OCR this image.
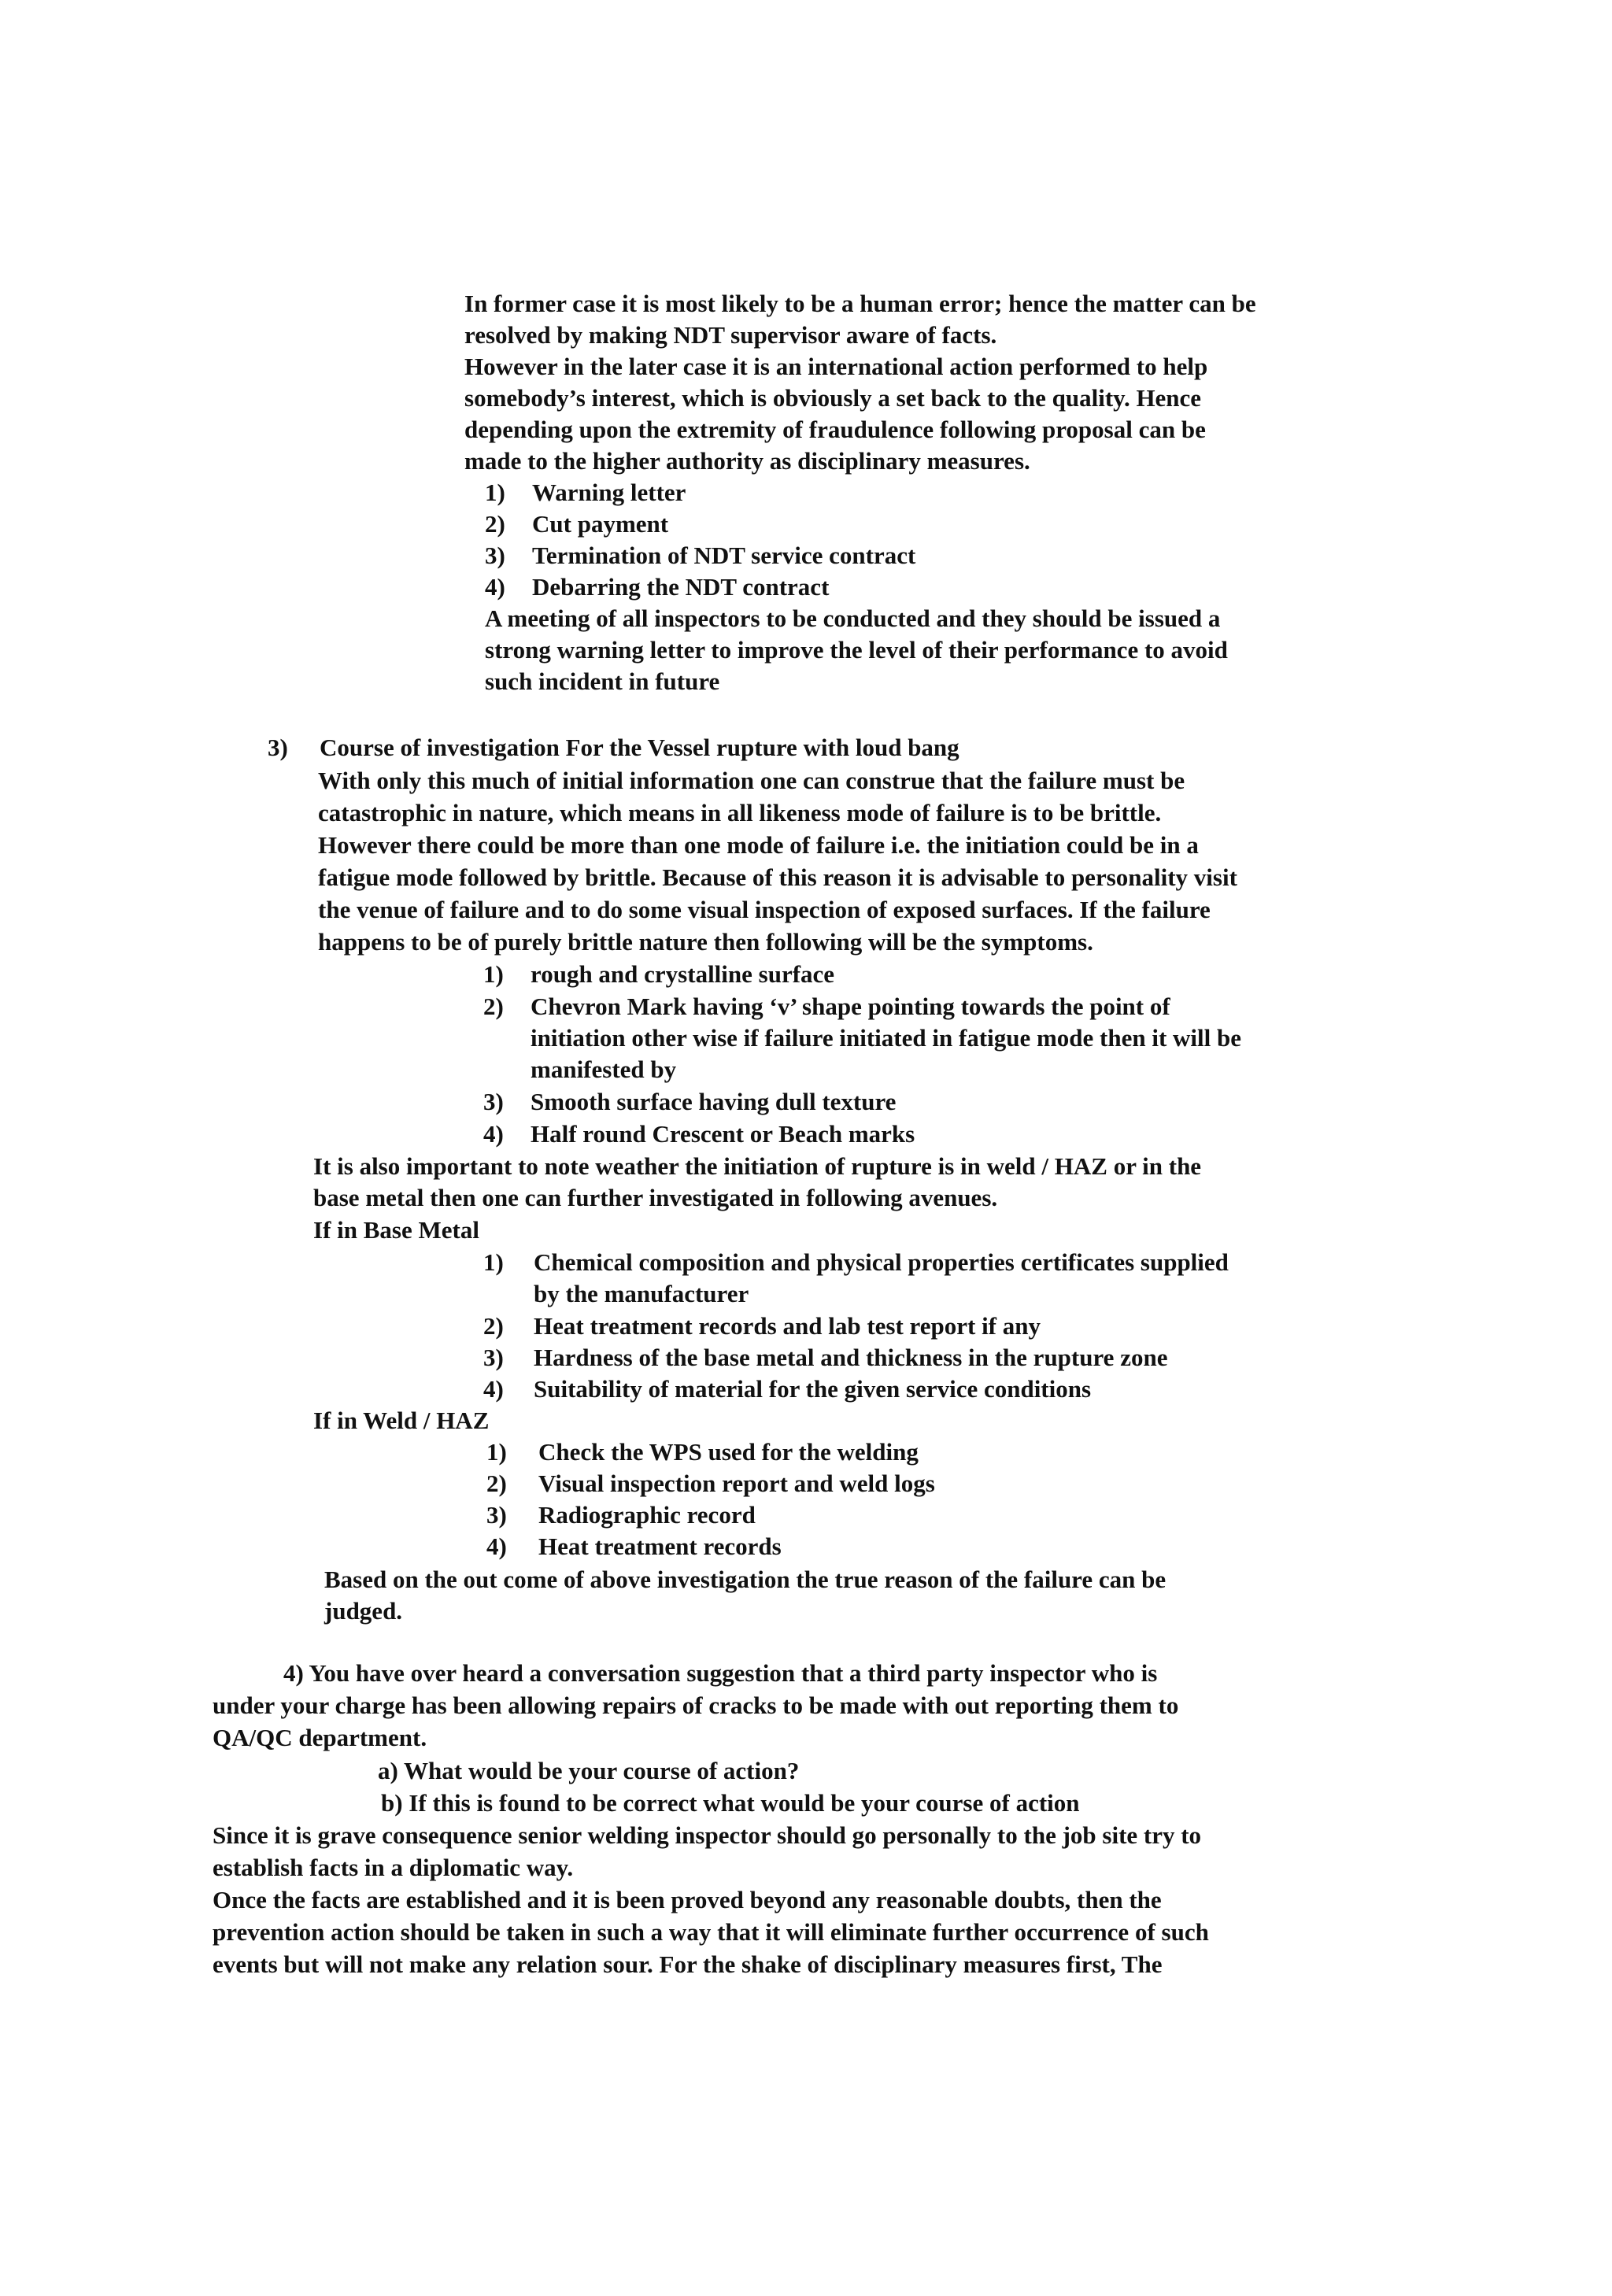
In former case it is most likely to be a human error; hence the matter can be
resolved by making NDT supervisor aware of facts.
However in the later case it is an international action performed to help
somebody’s interest, which is obviously a set back to the quality. Hence
depending upon the extremity of fraudulence following proposal can be
made to the higher authority as disciplinary measures.
1) Warning letter
2) Cut payment
3) Termination of NDT service contract
4) Debarring the NDT contract
A meeting of all inspectors to be conducted and they should be issued a
strong warning letter to improve the level of their performance to avoid
such incident in future
3) Course of investigation For the Vessel rupture with loud bang
With only this much of initial information one can construe that the failure must be
catastrophic in nature, which means in all likeness mode of failure is to be brittle.
However there could be more than one mode of failure i.e. the initiation could be in a
fatigue mode followed by brittle. Because of this reason it is advisable to personality visit
the venue of failure and to do some visual inspection of exposed surfaces. If the failure
happens to be of purely brittle nature then following will be the symptoms.
1) rough and crystalline surface
2) Chevron Mark having ‘v’ shape pointing towards the point of
initiation other wise if failure initiated in fatigue mode then it will be
manifested by
3) Smooth surface having dull texture
4) Half round Crescent or Beach marks
It is also important to note weather the initiation of rupture is in weld / HAZ or in the
base metal then one can further investigated in following avenues.
If in Base Metal
1) Chemical composition and physical properties certificates supplied
by the manufacturer
2) Heat treatment records and lab test report if any
3) Hardness of the base metal and thickness in the rupture zone
4) Suitability of material for the given service conditions
If in Weld / HAZ
1) Check the WPS used for the welding
2) Visual inspection report and weld logs
3) Radiographic record
4) Heat treatment records
Based on the out come of above investigation the true reason of the failure can be
judged.
4) You have over heard a conversation suggestion that a third party inspector who is
under your charge has been allowing repairs of cracks to be made with out reporting them to
QA/QC department.
a) What would be your course of action?
b) If this is found to be correct what would be your course of action
Since it is grave consequence senior welding inspector should go personally to the job site try to
establish facts in a diplomatic way.
Once the facts are established and it is been proved beyond any reasonable doubts, then the
prevention action should be taken in such a way that it will eliminate further occurrence of such
events but will not make any relation sour. For the shake of disciplinary measures first, The
